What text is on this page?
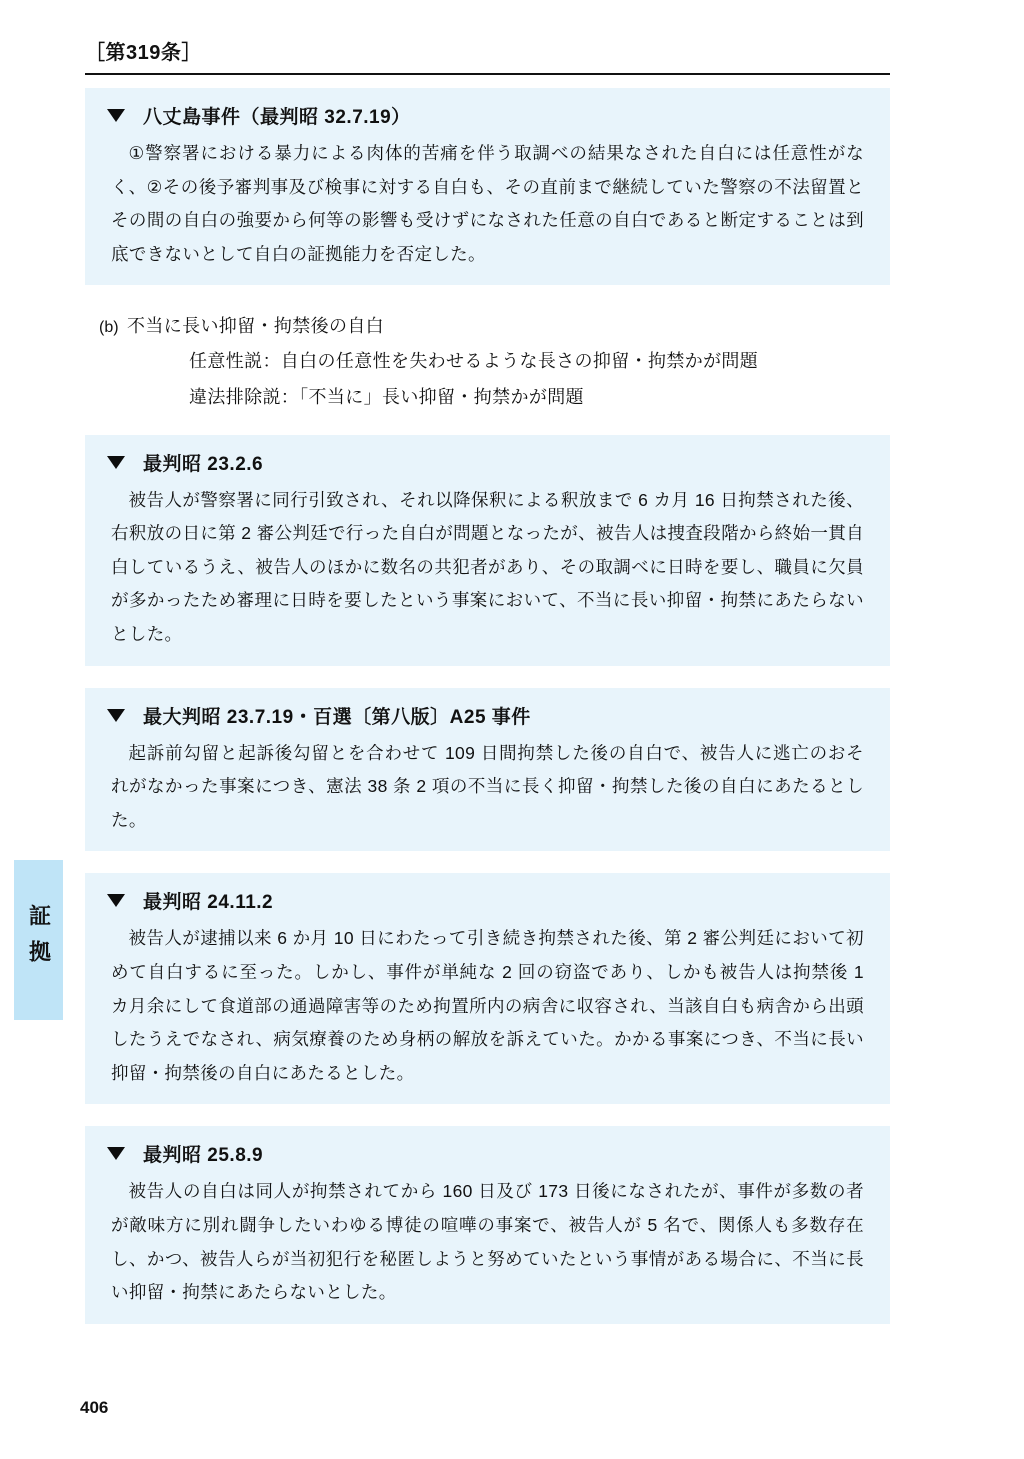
証拠
［第319条］
八丈島事件（最判昭 32.7.19）
①警察署における暴力による肉体的苦痛を伴う取調べの結果なされた自白には任意性がなく、②その後予審判事及び検事に対する自白も、その直前まで継続していた警察の不法留置とその間の自白の強要から何等の影響も受けずになされた任意の自白であると断定することは到底できないとして自白の証拠能力を否定した。
(b) 不当に長い抑留・拘禁後の自白
任意性説：自白の任意性を失わせるような長さの抑留・拘禁かが問題
違法排除説：「不当に」長い抑留・拘禁かが問題
最判昭 23.2.6
被告人が警察署に同行引致され、それ以降保釈による釈放まで 6 カ月 16 日拘禁された後、右釈放の日に第 2 審公判廷で行った自白が問題となったが、被告人は捜査段階から終始一貫自白しているうえ、被告人のほかに数名の共犯者があり、その取調べに日時を要し、職員に欠員が多かったため審理に日時を要したという事案において、不当に長い抑留・拘禁にあたらないとした。
最大判昭 23.7.19・百選〔第八版〕A25 事件
起訴前勾留と起訴後勾留とを合わせて 109 日間拘禁した後の自白で、被告人に逃亡のおそれがなかった事案につき、憲法 38 条 2 項の不当に長く抑留・拘禁した後の自白にあたるとした。
最判昭 24.11.2
被告人が逮捕以来 6 か月 10 日にわたって引き続き拘禁された後、第 2 審公判廷において初めて自白するに至った。しかし、事件が単純な 2 回の窃盗であり、しかも被告人は拘禁後 1 カ月余にして食道部の通過障害等のため拘置所内の病舎に収容され、当該自白も病舎から出頭したうえでなされ、病気療養のため身柄の解放を訴えていた。かかる事案につき、不当に長い抑留・拘禁後の自白にあたるとした。
最判昭 25.8.9
被告人の自白は同人が拘禁されてから 160 日及び 173 日後になされたが、事件が多数の者が敵味方に別れ闘争したいわゆる博徒の喧嘩の事案で、被告人が 5 名で、関係人も多数存在し、かつ、被告人らが当初犯行を秘匿しようと努めていたという事情がある場合に、不当に長い抑留・拘禁にあたらないとした。
406
